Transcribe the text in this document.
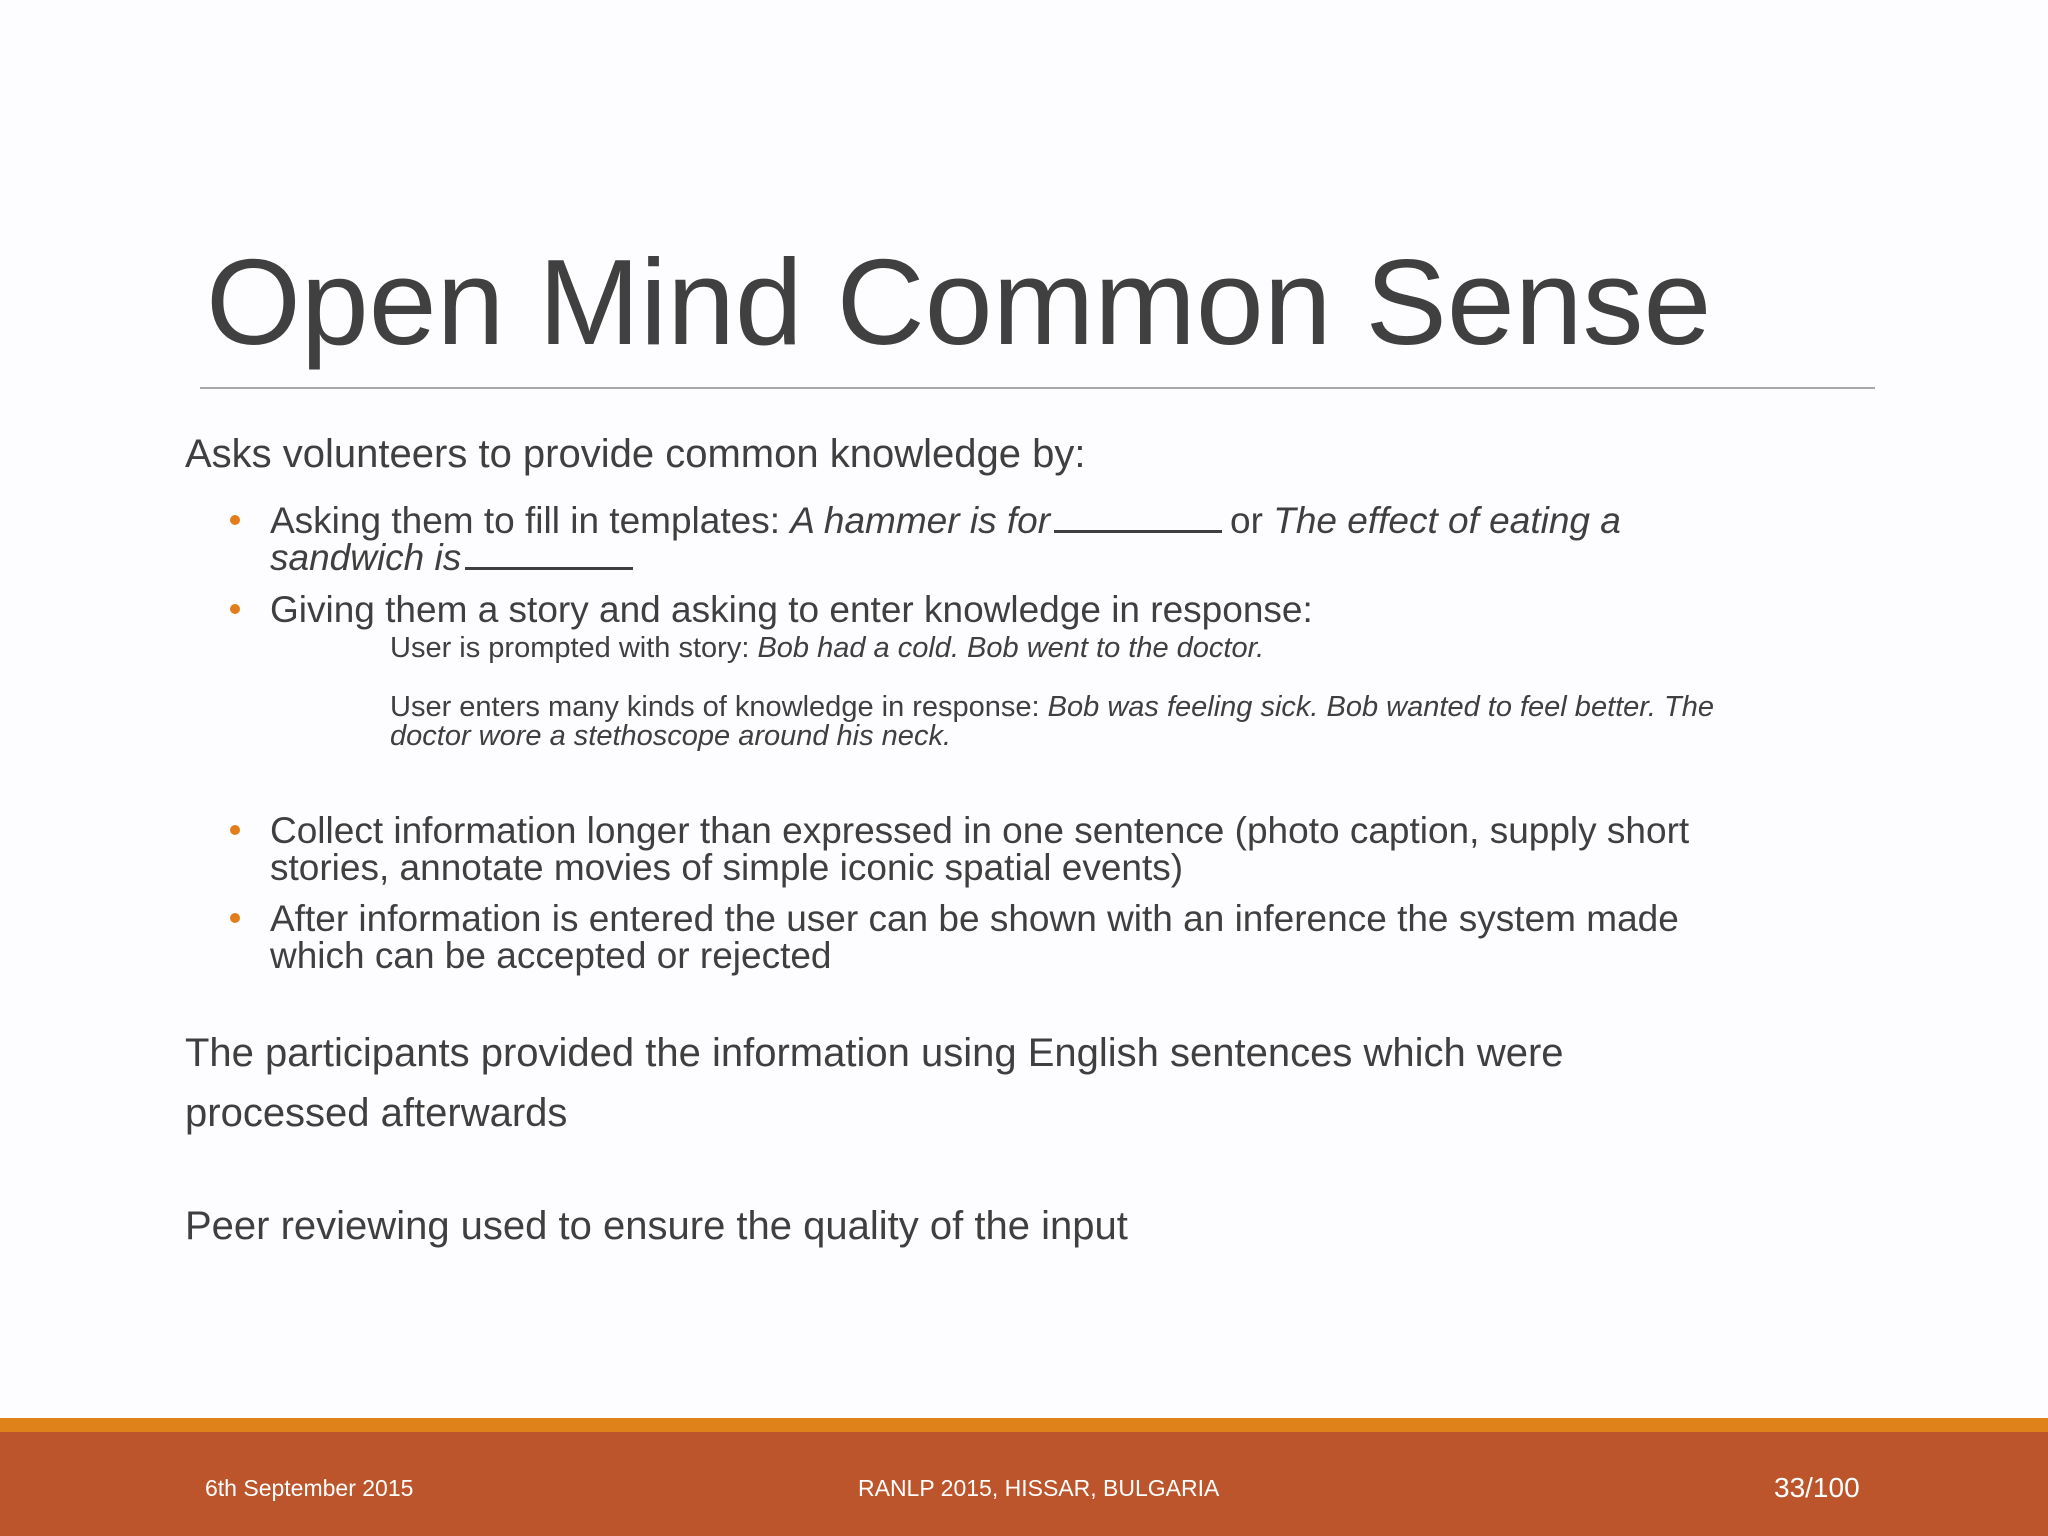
Open Mind Common Sense
Asks volunteers to provide common knowledge by:
Asking them to fill in templates: A hammer is for	or The effect of eating a
sandwich is
Giving them a story and asking to enter knowledge in response:
User is prompted with story: Bob had a cold. Bob went to the doctor.
User enters many kinds of knowledge in response: Bob was feeling sick. Bob wanted to feel better. The
doctor wore a stethoscope around his neck.
Collect information longer than expressed in one sentence (photo caption, supply short
stories, annotate movies of simple iconic spatial events)
After information is entered the user can be shown with an inference the system made
which can be accepted or rejected
The participants provided the information using English sentences which were
processed afterwards
Peer reviewing used to ensure the quality of the input
6th September 2015	RANLP 2015, HISSAR, BULGARIA	33/100
